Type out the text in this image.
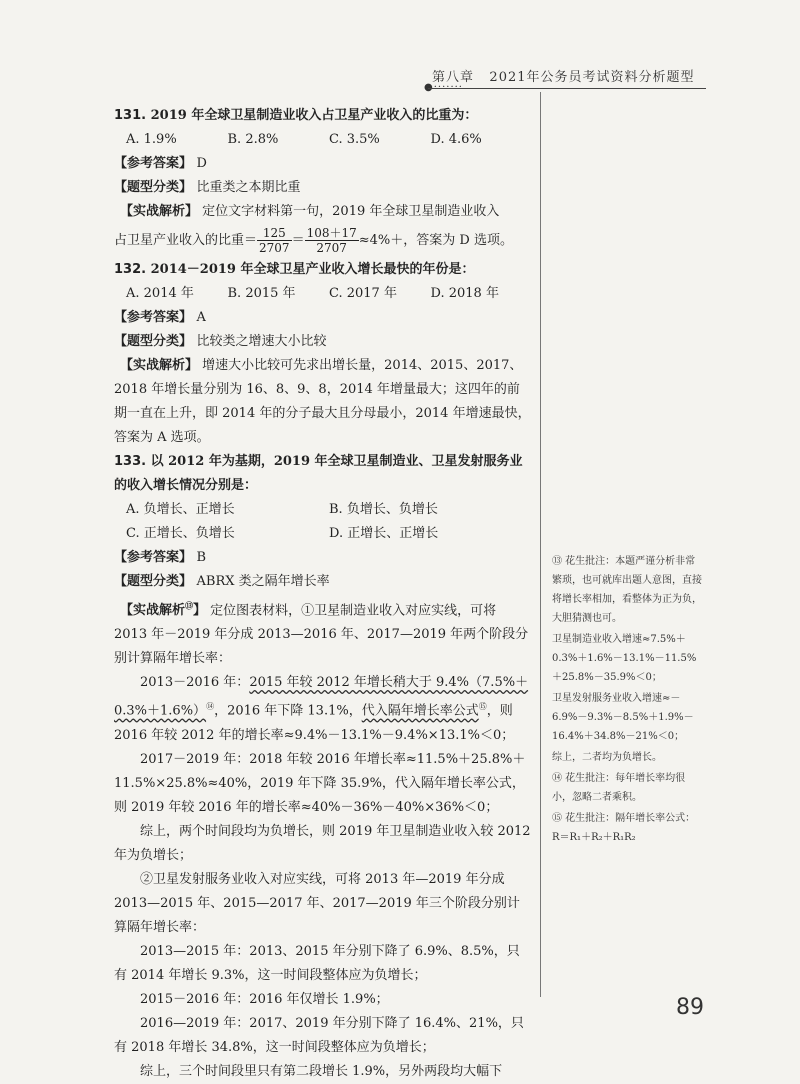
第八章 2021年公务员考试资料分析题型
●·······

131. 2019 年全球卫星制造业收入占卫星产业收入的比重为：

A. 1.9%	B. 2.8%	C. 3.5%	D. 4.6%

【参考答案】 D

【题型分类】 比重类之本期比重

【实战解析】 定位文字材料第一句，2019 年全球卫星制造业收入

占卫星产业收入的比重＝ $\frac{125}{2707} = \frac{108+17}{2707} \approx 4\%+$，答案为 D 选项。

132. 2014－2019 年全球卫星产业收入增长最快的年份是：

A. 2014 年	B. 2015 年	C. 2017 年	D. 2018 年

【参考答案】 A

【题型分类】 比较类之增速大小比较

【实战解析】 增速大小比较可先求出增长量，2014、2015、2017、2018 年增长量分别为 16、8、9、8，2014 年增量最大；这四年的前期一直在上升，即 2014 年的分子最大且分母最小，2014 年增速最快，答案为 A 选项。

133. 以 2012 年为基期，2019 年全球卫星制造业、卫星发射服务业的收入增长情况分别是：

A. 负增长、正增长	B. 负增长、负增长
C. 正增长、负增长	D. 正增长、正增长

【参考答案】 B

【题型分类】 ABRX 类之隔年增长率

【实战解析⑬】 定位图表材料，①卫星制造业收入对应实线，可将 2013 年－2019 年分成 2013—2016 年、2017—2019 年两个阶段分别计算隔年增长率：

2013－2016 年：2015 年较 2012 年增长稍大于 9.4%（7.5%＋0.3%＋1.6%）⑭，2016 年下降 13.1%，代入隔年增长率公式⑮，则 2016 年较 2012 年的增长率≈9.4%－13.1%－9.4%×13.1%＜0；

2017－2019 年：2018 年较 2016 年增长率≈11.5%＋25.8%＋11.5%×25.8%≈40%，2019 年下降 35.9%，代入隔年增长率公式，则 2019 年较 2016 年的增长率≈40%－36%－40%×36%＜0；

综上，两个时间段均为负增长，则 2019 年卫星制造业收入较 2012 年为负增长；

②卫星发射服务业收入对应实线，可将 2013 年—2019 年分成 2013—2015 年、2015—2017 年、2017—2019 年三个阶段分别计算隔年增长率：

2013—2015 年：2013、2015 年分别下降了 6.9%、8.5%，只有 2014 年增长 9.3%，这一时间段整体应为负增长；

2015－2016 年：2016 年仅增长 1.9%；

2016—2019 年：2017、2019 年分别下降了 16.4%、21%，只有 2018 年增长 34.8%，这一时间段整体应为负增长；

综上，三个时间段里只有第二段增长 1.9%，另外两段均大幅下

⑬ 花生批注：本题严谨分析非常繁琐，也可就库出题人意图，直接将增长率相加，看整体为正为负，大胆猜测也可。

卫星制造业收入增速≈7.5%＋0.3%＋1.6%－13.1%－11.5%＋25.8%－35.9%＜0；

卫星发射服务业收入增速≈－6.9%－9.3%－8.5%＋1.9%－16.4%＋34.8%－21%＜0；

综上，二者均为负增长。

⑭ 花生批注：每年增长率均很小，忽略二者乘积。

⑮ 花生批注：隔年增长率公式：R＝R₁＋R₂＋R₁R₂

89
